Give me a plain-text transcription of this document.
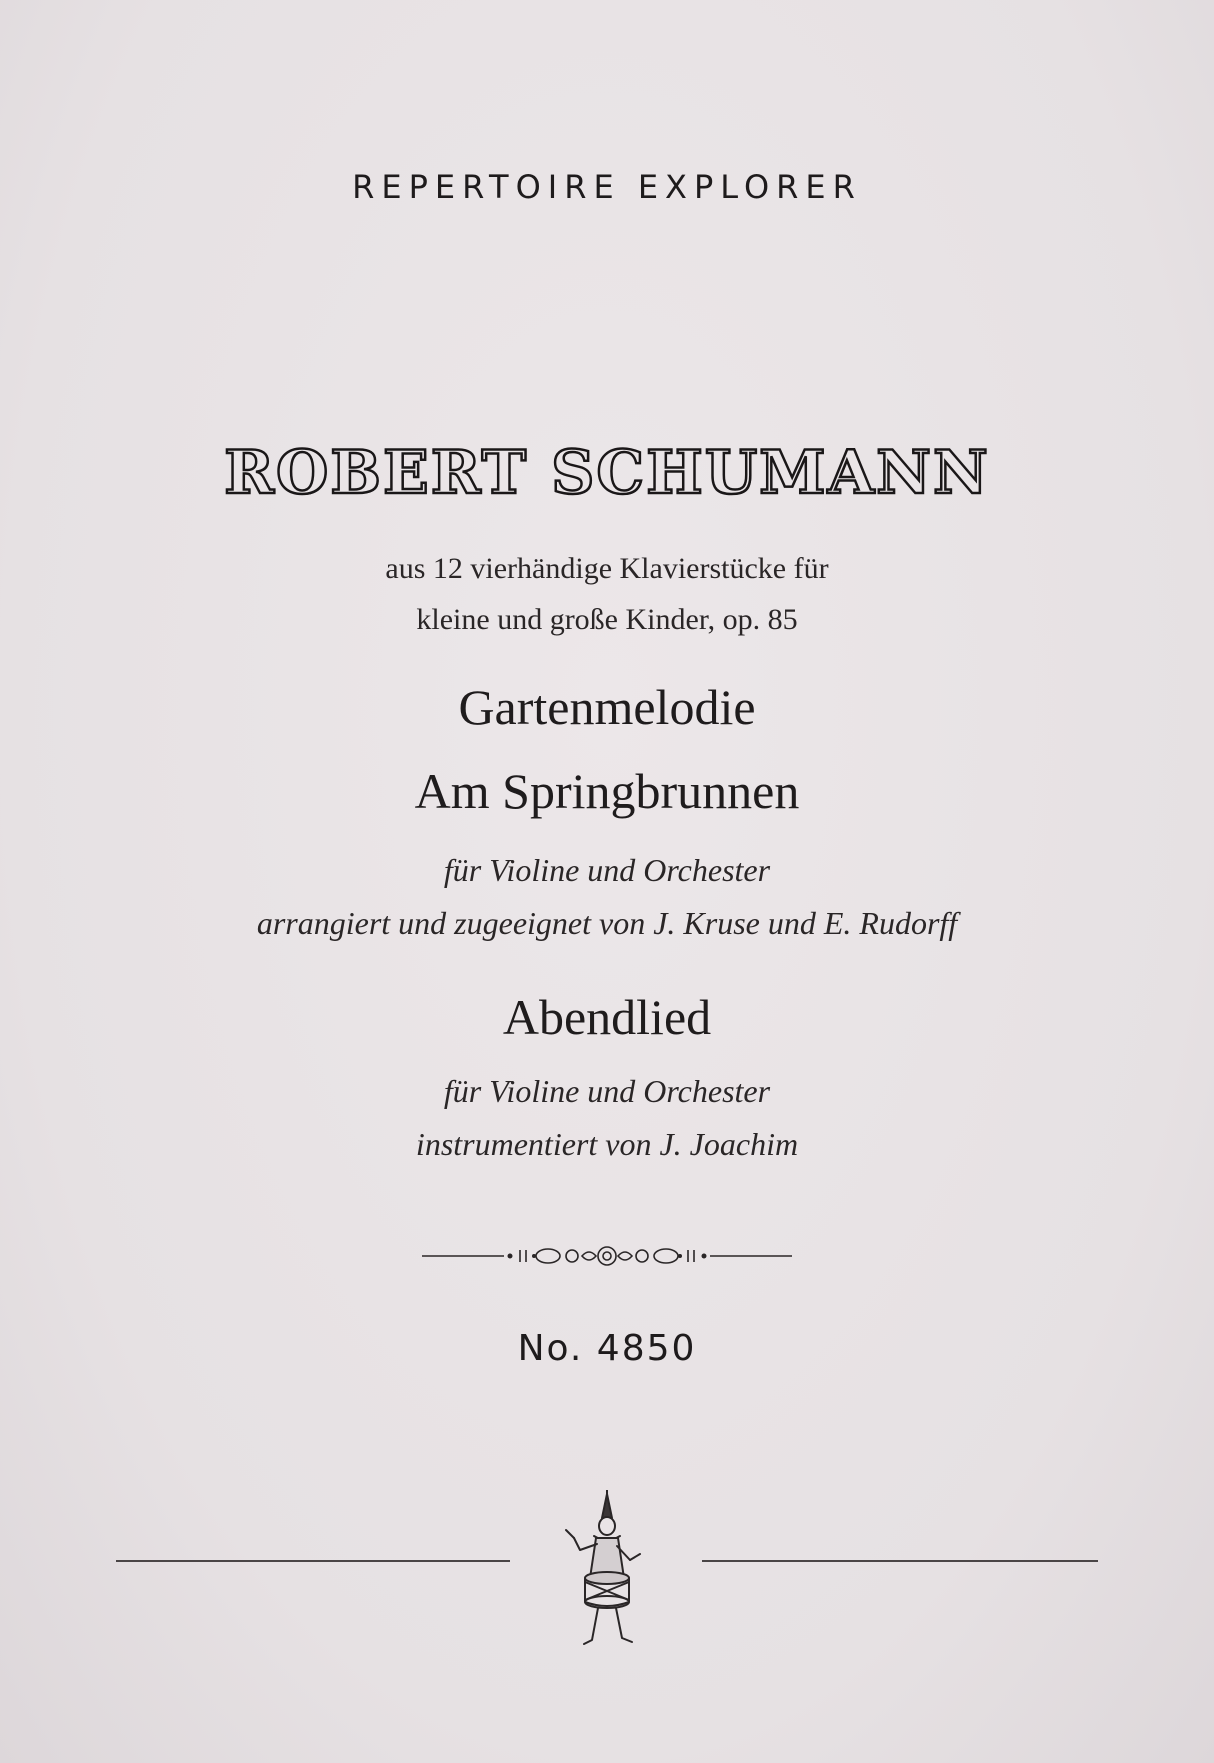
REPERTOIRE EXPLORER
ROBERT SCHUMANN
aus 12 vierhändige Klavierstücke für
kleine und große Kinder, op. 85
Gartenmelodie
Am Springbrunnen
für Violine und Orchester
arrangiert und zugeeignet von J. Kruse und E. Rudorff
Abendlied
für Violine und Orchester
instrumentiert von J. Joachim
No. 4850
